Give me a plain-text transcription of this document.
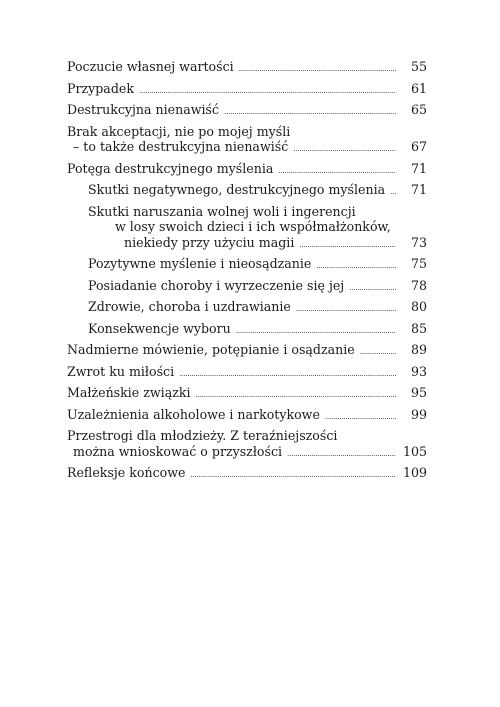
Poczucie własnej wartości . . .	55
Przypadek . . .	61
Destrukcyjna nienawiść . . .	65
Brak akceptacji, nie po mojej myśli
– to także destrukcyjna nienawiść . . .	67
Potęga destrukcyjnego myślenia . . .	71
Skutki negatywnego, destrukcyjnego myślenia . . .	71
Skutki naruszania wolnej woli i ingerencji
w losy swoich dzieci i ich współmałżonków,
niekiedy przy użyciu magii . . .	73
Pozytywne myślenie i nieosądzanie . . .	75
Posiadanie choroby i wyrzeczenie się jej . . .	78
Zdrowie, choroba i uzdrawianie . . .	80
Konsekwencje wyboru . . .	85
Nadmierne mówienie, potępianie i osądzanie . . .	89
Zwrot ku miłości . . .	93
Małżeńskie związki . . .	95
Uzależnienia alkoholowe i narkotykowe . . .	99
Przestrogi dla młodzieży. Z teraźniejszości
można wnioskować o przyszłości . . .	105
Refleksje końcowe . . .	109
